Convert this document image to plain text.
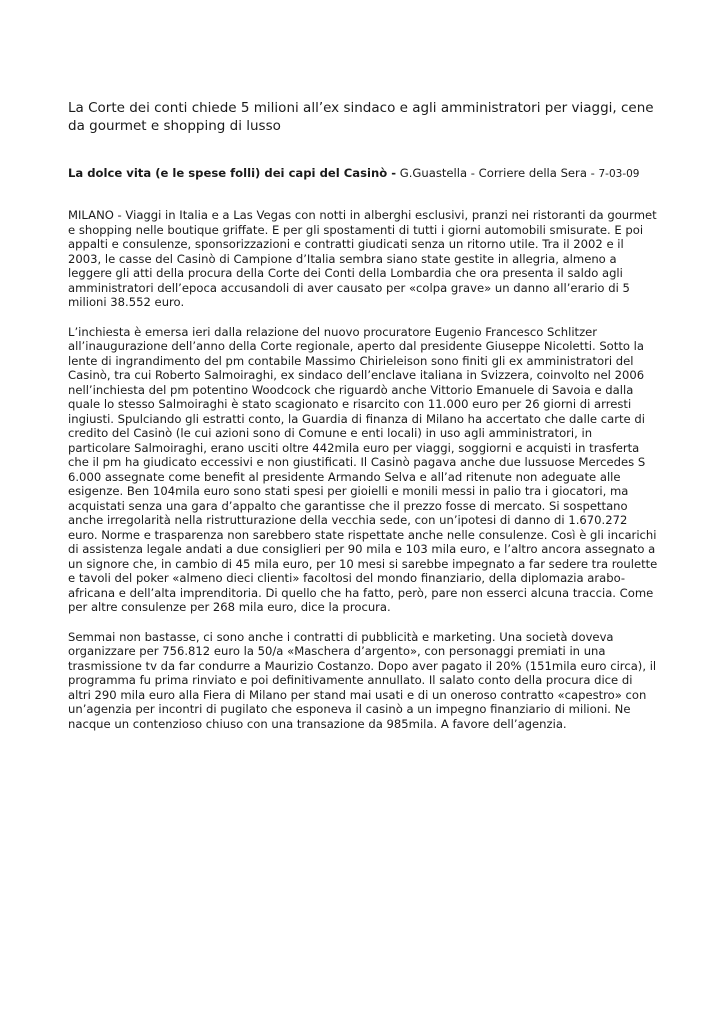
La Corte dei conti chiede 5 milioni all’ex sindaco e agli amministratori per viaggi, cene da gourmet e shopping di lusso
La dolce vita (e le spese folli) dei capi del Casinò - G.Guastella - Corriere della Sera - 7-03-09

MILANO - Viaggi in Italia e a Las Vegas con notti in alberghi esclusivi, pranzi nei ristoranti da gourmet e shopping nelle boutique griffate. E per gli spostamenti di tutti i giorni automobili smisurate. E poi appalti e consulenze, sponsorizzazioni e contratti giudicati senza un ritorno utile. Tra il 2002 e il 2003, le casse del Casinò di Campione d’Italia sembra siano state gestite in allegria, almeno a leggere gli atti della procura della Corte dei Conti della Lombardia che ora presenta il saldo agli amministratori dell’epoca accusandoli di aver causato per «colpa grave» un danno all’erario di 5 milioni 38.552 euro.

L’inchiesta è emersa ieri dalla relazione del nuovo procuratore Eugenio Francesco Schlitzer all’inaugurazione dell’anno della Corte regionale, aperto dal presidente Giuseppe Nicoletti. Sotto la lente di ingrandimento del pm contabile Massimo Chirieleison sono finiti gli ex amministratori del Casinò, tra cui Roberto Salmoiraghi, ex sindaco dell’enclave italiana in Svizzera, coinvolto nel 2006 nell’inchiesta del pm potentino Woodcock che riguardò anche Vittorio Emanuele di Savoia e dalla quale lo stesso Salmoiraghi è stato scagionato e risarcito con 11.000 euro per 26 giorni di arresti ingiusti. Spulciando gli estratti conto, la Guardia di finanza di Milano ha accertato che dalle carte di credito del Casinò (le cui azioni sono di Comune e enti locali) in uso agli amministratori, in particolare Salmoiraghi, erano usciti oltre 442mila euro per viaggi, soggiorni e acquisti in trasferta che il pm ha giudicato eccessivi e non giustificati. Il Casinò pagava anche due lussuose Mercedes S 6.000 assegnate come benefit al presidente Armando Selva e all’ad ritenute non adeguate alle esigenze. Ben 104mila euro sono stati spesi per gioielli e monili messi in palio tra i giocatori, ma acquistati senza una gara d’appalto che garantisse che il prezzo fosse di mercato. Si sospettano anche irregolarità nella ristrutturazione della vecchia sede, con un’ipotesi di danno di 1.670.272 euro. Norme e trasparenza non sarebbero state rispettate anche nelle consulenze. Così è gli incarichi di assistenza legale andati a due consiglieri per 90 mila e 103 mila euro, e l’altro ancora assegnato a un signore che, in cambio di 45 mila euro, per 10 mesi si sarebbe impegnato a far sedere tra roulette e tavoli del poker «almeno dieci clienti» facoltosi del mondo finanziario, della diplomazia arabo-africana e dell’alta imprenditoria. Di quello che ha fatto, però, pare non esserci alcuna traccia. Come per altre consulenze per 268 mila euro, dice la procura.

Semmai non bastasse, ci sono anche i contratti di pubblicità e marketing. Una società doveva organizzare per 756.812 euro la 50/a «Maschera d’argento», con personaggi premiati in una trasmissione tv da far condurre a Maurizio Costanzo. Dopo aver pagato il 20% (151mila euro circa), il programma fu prima rinviato e poi definitivamente annullato. Il salato conto della procura dice di altri 290 mila euro alla Fiera di Milano per stand mai usati e di un oneroso contratto «capestro» con un’agenzia per incontri di pugilato che esponeva il casinò a un impegno finanziario di milioni. Ne nacque un contenzioso chiuso con una transazione da 985mila. A favore dell’agenzia.
